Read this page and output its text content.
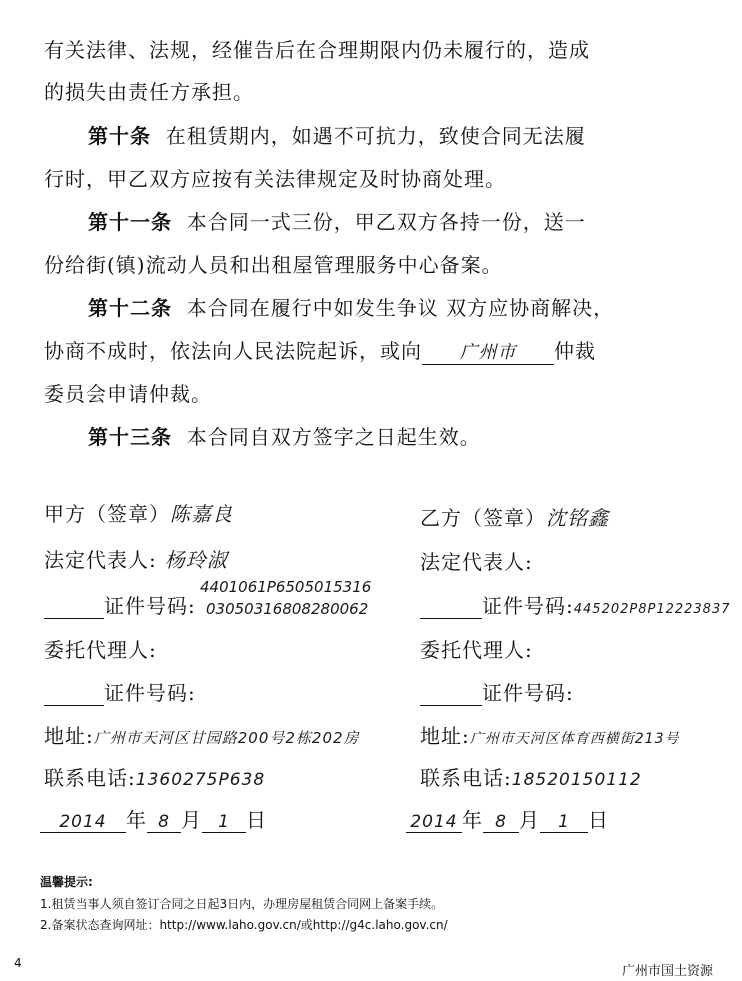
有关法律、法规，经催告后在合理期限内仍未履行的，造成
的损失由责任方承担。
第十条 在租赁期内，如遇不可抗力，致使合同无法履
行时，甲乙双方应按有关法律规定及时协商处理。
第十一条 本合同一式三份，甲乙双方各持一份，送一
份给街(镇)流动人员和出租屋管理服务中心备案。
第十二条 本合同在履行中如发生争议 双方应协商解决，
协商不成时，依法向人民法院起诉，或向 广州市 仲裁
委员会申请仲裁。
第十三条 本合同自双方签字之日起生效。
甲方（签章）陈嘉良
法定代表人: 杨玲淑
证件号码:
4401061P6505015316
03050316808280062
委托代理人:
证件号码:
地址:广州市天河区甘园路200号2栋202房
联系电话:1360275P638
2014 年 8 月 1 日
乙方（签章）沈铭鑫
法定代表人:
证件号码:445202P8P12223837
委托代理人:
证件号码:
地址:广州市天河区体育西横街213号
联系电话:18520150112
2014 年 8 月 1 日
温馨提示:
1.租赁当事人须自签订合同之日起3日内，办理房屋租赁合同网上备案手续。
2.备案状态查询网址：http://www.laho.gov.cn/或http://g4c.laho.gov.cn/
4
广州市国土资源
